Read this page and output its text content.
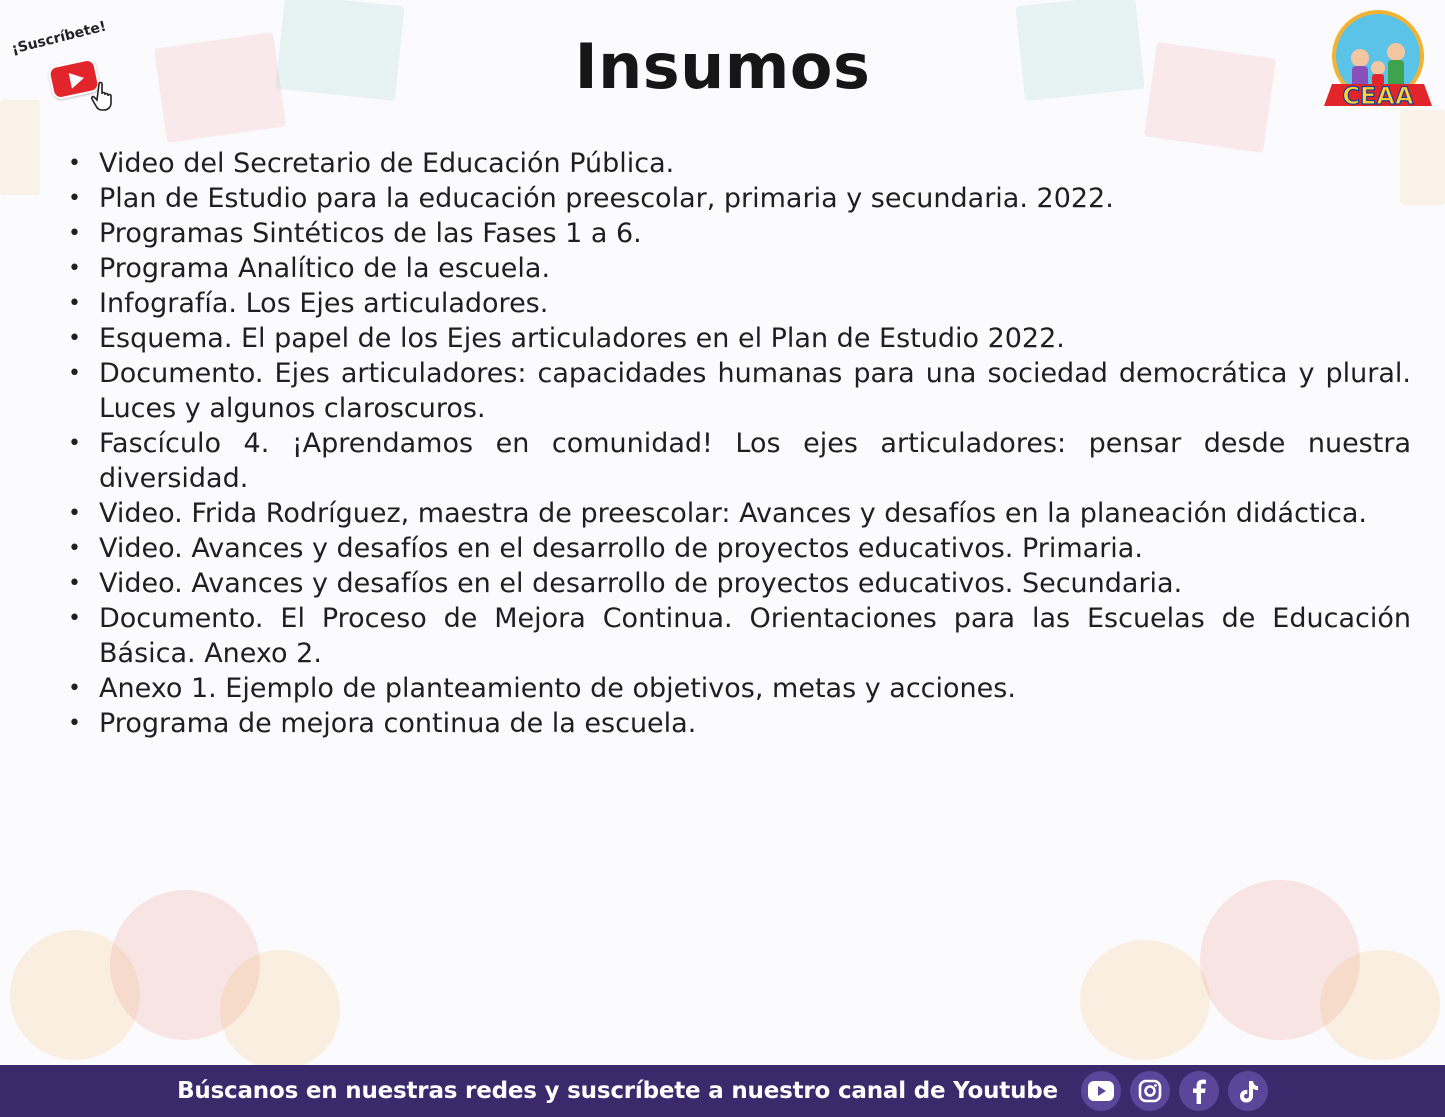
¡Suscríbete!	Insumos	CEAA
• Video del Secretario de Educación Pública.
• Plan de Estudio para la educación preescolar, primaria y secundaria. 2022.
• Programas Sintéticos de las Fases 1 a 6.
• Programa Analítico de la escuela.
• Infografía. Los Ejes articuladores.
• Esquema. El papel de los Ejes articuladores en el Plan de Estudio 2022.
• Documento. Ejes articuladores: capacidades humanas para una sociedad democrática y plural. Luces y algunos claroscuros.
• Fascículo 4. ¡Aprendamos en comunidad! Los ejes articuladores: pensar desde nuestra diversidad.
• Video. Frida Rodríguez, maestra de preescolar: Avances y desafíos en la planeación didáctica.
• Video. Avances y desafíos en el desarrollo de proyectos educativos. Primaria.
• Video. Avances y desafíos en el desarrollo de proyectos educativos. Secundaria.
• Documento. El Proceso de Mejora Continua. Orientaciones para las Escuelas de Educación Básica. Anexo 2.
• Anexo 1. Ejemplo de planteamiento de objetivos, metas y acciones.
• Programa de mejora continua de la escuela.
Búscanos en nuestras redes y suscríbete a nuestro canal de Youtube
